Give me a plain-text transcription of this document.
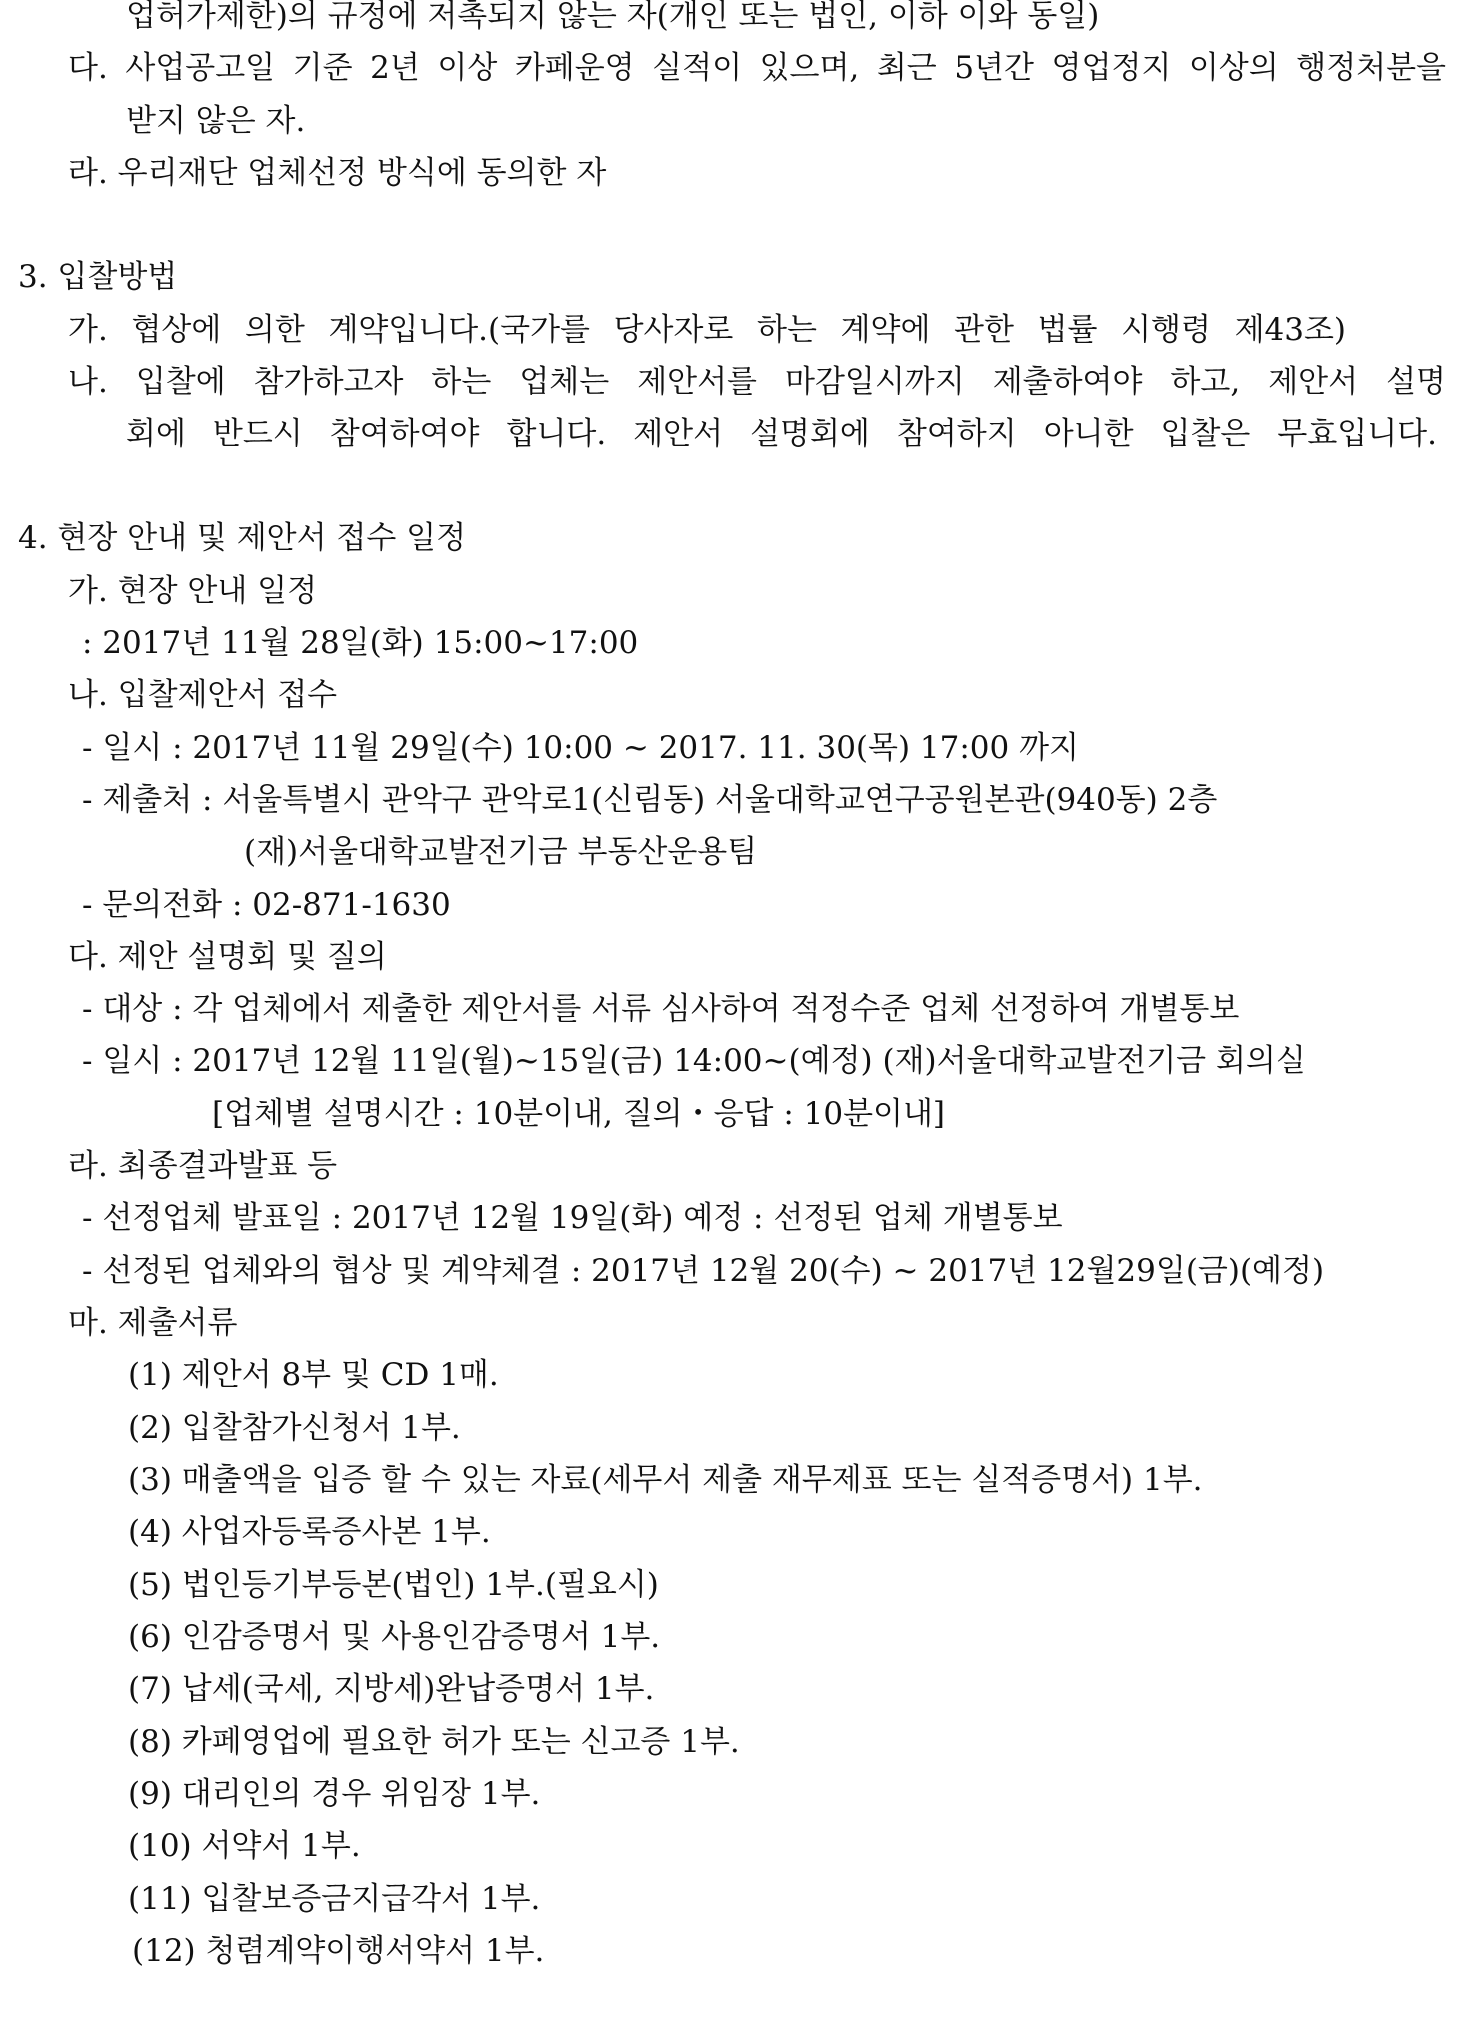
업허가제한)의 규정에 저촉되지 않는 자(개인 또는 법인, 이하 이와 동일)
다. 사업공고일 기준 2년 이상 카페운영 실적이 있으며, 최근 5년간 영업정지 이상의 행정처분을
받지 않은 자.
라. 우리재단 업체선정 방식에 동의한 자
3. 입찰방법
가. 협상에 의한 계약입니다.(국가를 당사자로 하는 계약에 관한 법률 시행령 제43조)
나. 입찰에 참가하고자 하는 업체는 제안서를 마감일시까지 제출하여야 하고, 제안서 설명
회에 반드시 참여하여야 합니다. 제안서 설명회에 참여하지 아니한 입찰은 무효입니다.
4. 현장 안내 및 제안서 접수 일정
가. 현장 안내 일정
: 2017년 11월 28일(화) 15:00~17:00
나. 입찰제안서 접수
- 일시 : 2017년 11월 29일(수) 10:00 ~ 2017. 11. 30(목) 17:00 까지
- 제출처 : 서울특별시 관악구 관악로1(신림동) 서울대학교연구공원본관(940동) 2층
(재)서울대학교발전기금 부동산운용팀
- 문의전화 : 02-871-1630
다. 제안 설명회 및 질의
- 대상 : 각 업체에서 제출한 제안서를 서류 심사하여 적정수준 업체 선정하여 개별통보
- 일시 : 2017년 12월 11일(월)~15일(금) 14:00~(예정) (재)서울대학교발전기금 회의실
[업체별 설명시간 : 10분이내, 질의・응답 : 10분이내]
라. 최종결과발표 등
- 선정업체 발표일 : 2017년 12월 19일(화) 예정 : 선정된 업체 개별통보
- 선정된 업체와의 협상 및 계약체결 : 2017년 12월 20(수) ~ 2017년 12월29일(금)(예정)
마. 제출서류
(1) 제안서 8부 및 CD 1매.
(2) 입찰참가신청서 1부.
(3) 매출액을 입증 할 수 있는 자료(세무서 제출 재무제표 또는 실적증명서) 1부.
(4) 사업자등록증사본 1부.
(5) 법인등기부등본(법인) 1부.(필요시)
(6) 인감증명서 및 사용인감증명서 1부.
(7) 납세(국세, 지방세)완납증명서 1부.
(8) 카페영업에 필요한 허가 또는 신고증 1부.
(9) 대리인의 경우 위임장 1부.
(10) 서약서 1부.
(11) 입찰보증금지급각서 1부.
(12) 청렴계약이행서약서 1부.
